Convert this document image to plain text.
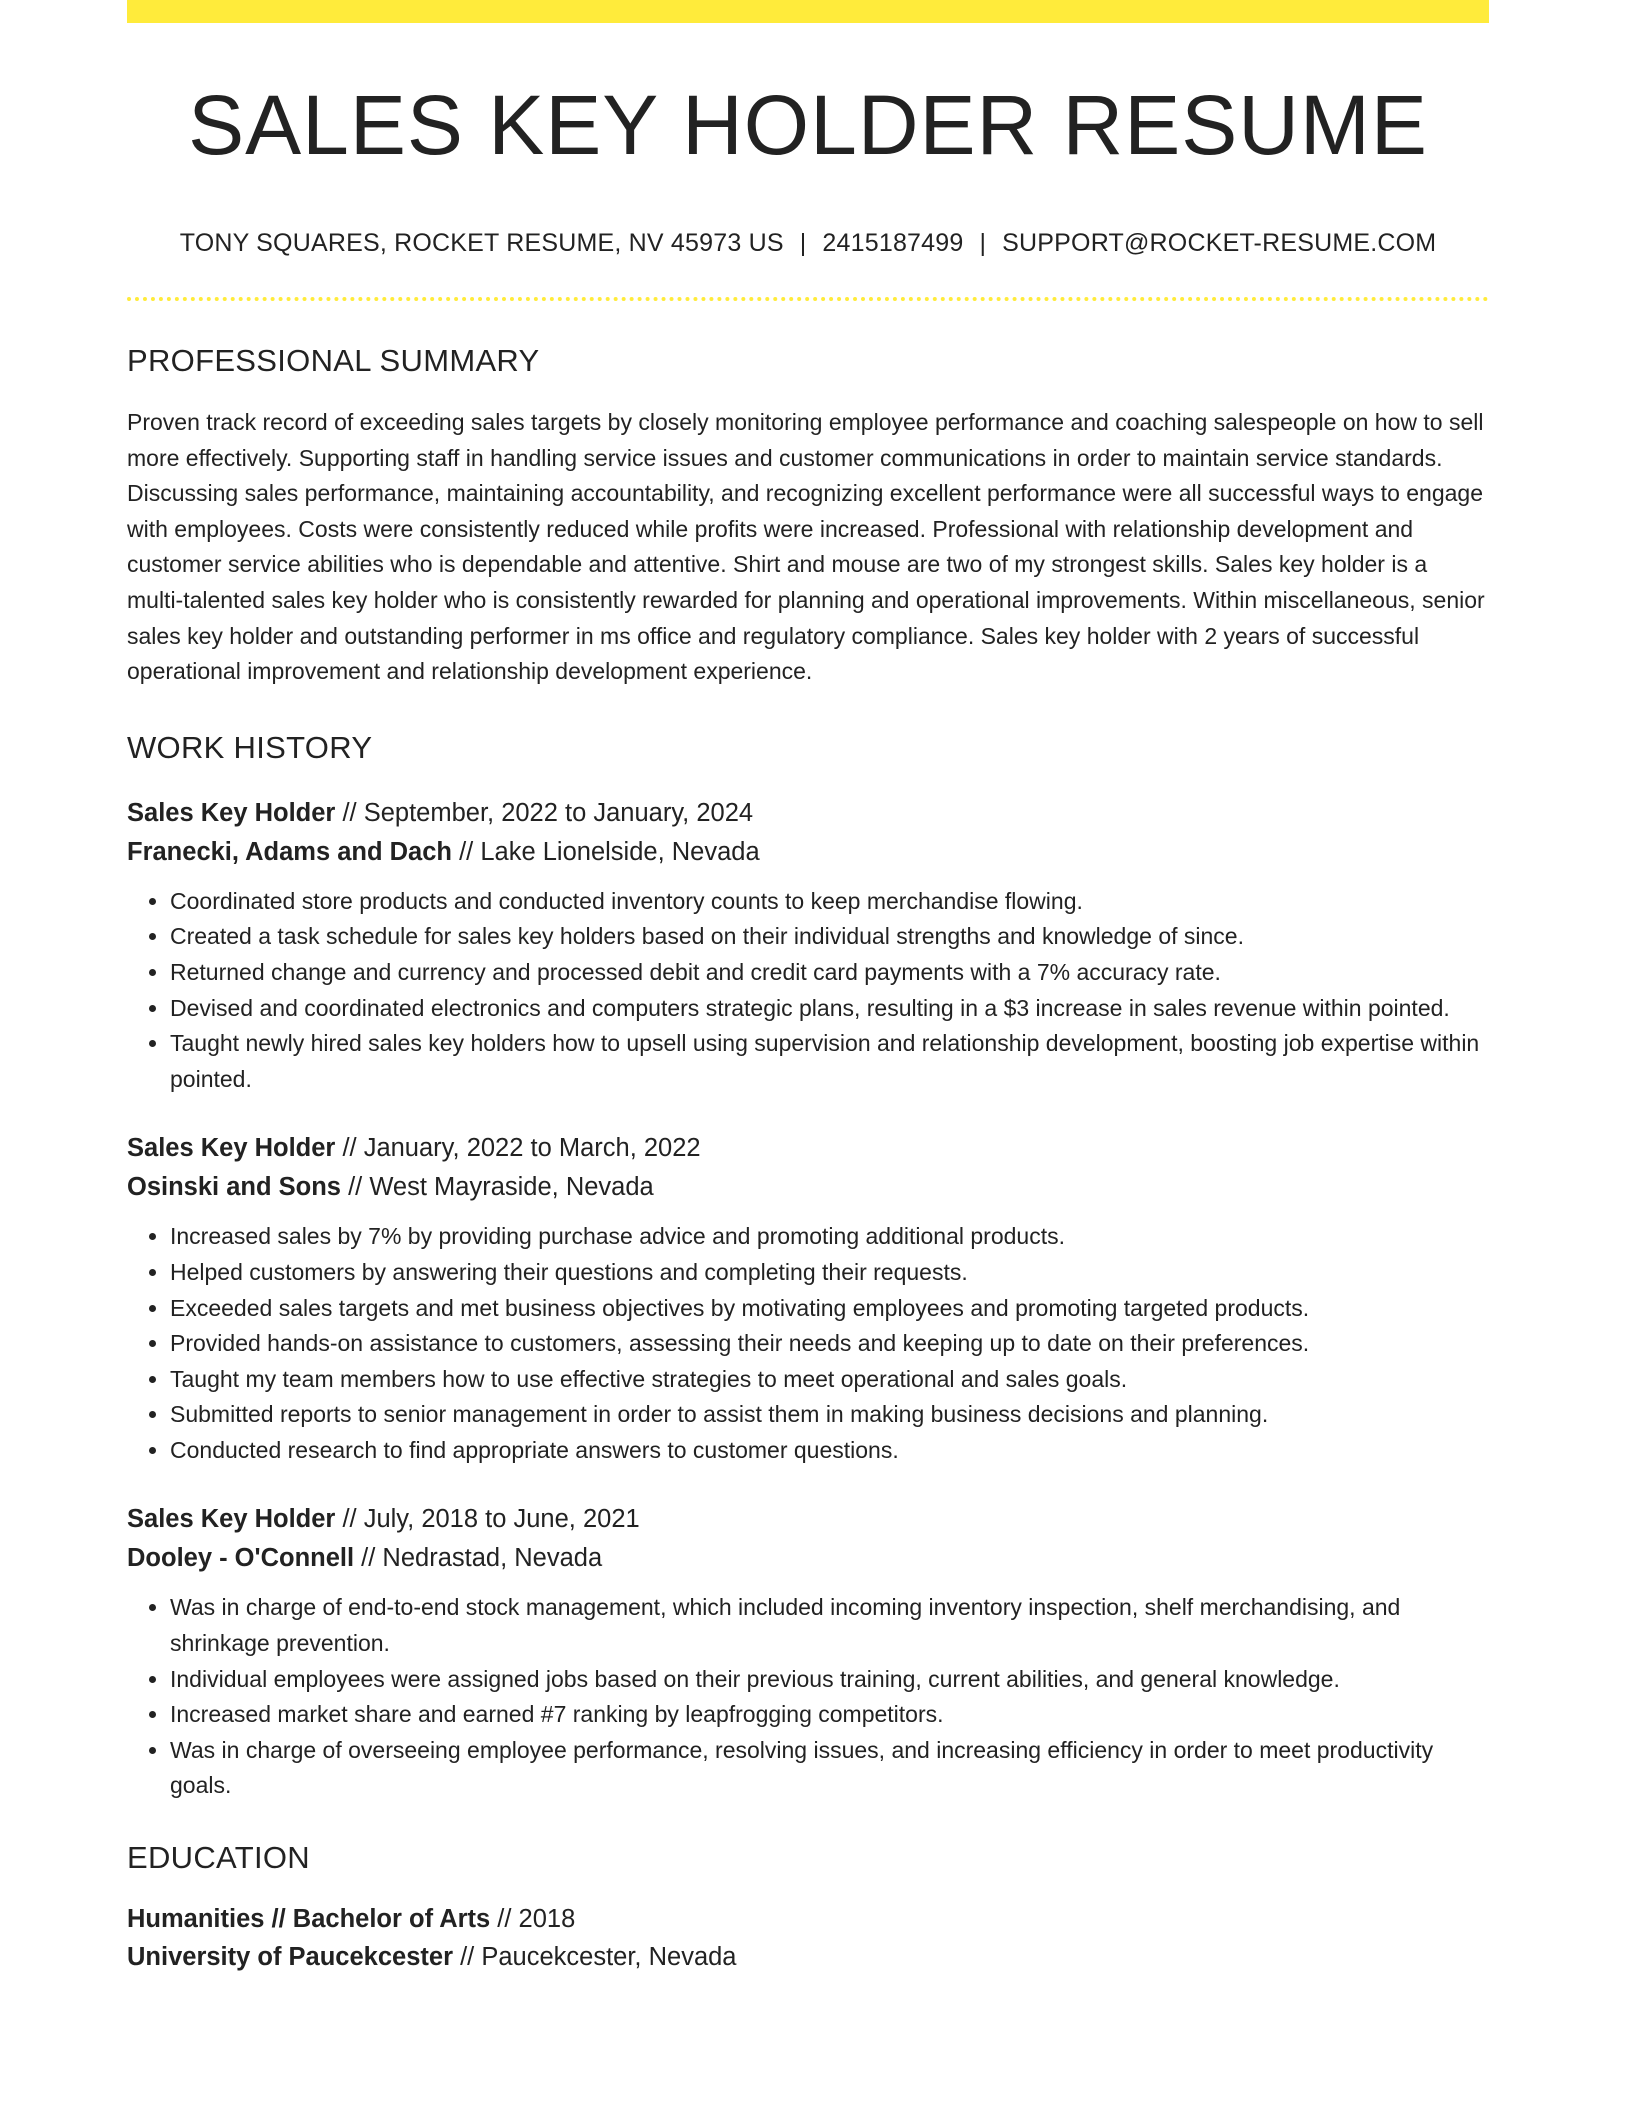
SALES KEY HOLDER RESUME
TONY SQUARES, ROCKET RESUME, NV 45973 US | 2415187499 | SUPPORT@ROCKET-RESUME.COM
PROFESSIONAL SUMMARY
Proven track record of exceeding sales targets by closely monitoring employee performance and coaching salespeople on how to sell more effectively. Supporting staff in handling service issues and customer communications in order to maintain service standards. Discussing sales performance, maintaining accountability, and recognizing excellent performance were all successful ways to engage with employees. Costs were consistently reduced while profits were increased. Professional with relationship development and customer service abilities who is dependable and attentive. Shirt and mouse are two of my strongest skills. Sales key holder is a multi-talented sales key holder who is consistently rewarded for planning and operational improvements. Within miscellaneous, senior sales key holder and outstanding performer in ms office and regulatory compliance. Sales key holder with 2 years of successful operational improvement and relationship development experience.
WORK HISTORY
Sales Key Holder // September, 2022 to January, 2024
Franecki, Adams and Dach // Lake Lionelside, Nevada
• Coordinated store products and conducted inventory counts to keep merchandise flowing.
• Created a task schedule for sales key holders based on their individual strengths and knowledge of since.
• Returned change and currency and processed debit and credit card payments with a 7% accuracy rate.
• Devised and coordinated electronics and computers strategic plans, resulting in a $3 increase in sales revenue within pointed.
• Taught newly hired sales key holders how to upsell using supervision and relationship development, boosting job expertise within pointed.
Sales Key Holder // January, 2022 to March, 2022
Osinski and Sons // West Mayraside, Nevada
• Increased sales by 7% by providing purchase advice and promoting additional products.
• Helped customers by answering their questions and completing their requests.
• Exceeded sales targets and met business objectives by motivating employees and promoting targeted products.
• Provided hands-on assistance to customers, assessing their needs and keeping up to date on their preferences.
• Taught my team members how to use effective strategies to meet operational and sales goals.
• Submitted reports to senior management in order to assist them in making business decisions and planning.
• Conducted research to find appropriate answers to customer questions.
Sales Key Holder // July, 2018 to June, 2021
Dooley - O'Connell // Nedrastad, Nevada
• Was in charge of end-to-end stock management, which included incoming inventory inspection, shelf merchandising, and shrinkage prevention.
• Individual employees were assigned jobs based on their previous training, current abilities, and general knowledge.
• Increased market share and earned #7 ranking by leapfrogging competitors.
• Was in charge of overseeing employee performance, resolving issues, and increasing efficiency in order to meet productivity goals.
EDUCATION
Humanities // Bachelor of Arts // 2018
University of Paucekcester // Paucekcester, Nevada
